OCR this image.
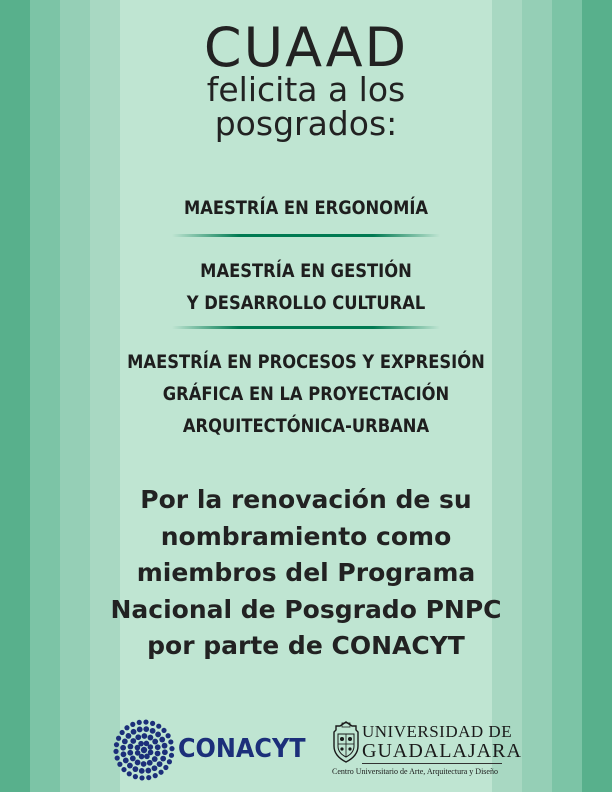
CUAAD
felicita a los
posgrados:
MAESTRÍA EN ERGONOMÍA
MAESTRÍA EN GESTIÓN
Y DESARROLLO CULTURAL
MAESTRÍA EN PROCESOS Y EXPRESIÓN
GRÁFICA EN LA PROYECTACIÓN
ARQUITECTÓNICA-URBANA
Por la renovación de su
nombramiento como
miembros del Programa
Nacional de Posgrado PNPC
por parte de CONACYT
CONACYT
UNIVERSIDAD DE
GUADALAJARA
Centro Universitario de Arte, Arquitectura y Diseño
